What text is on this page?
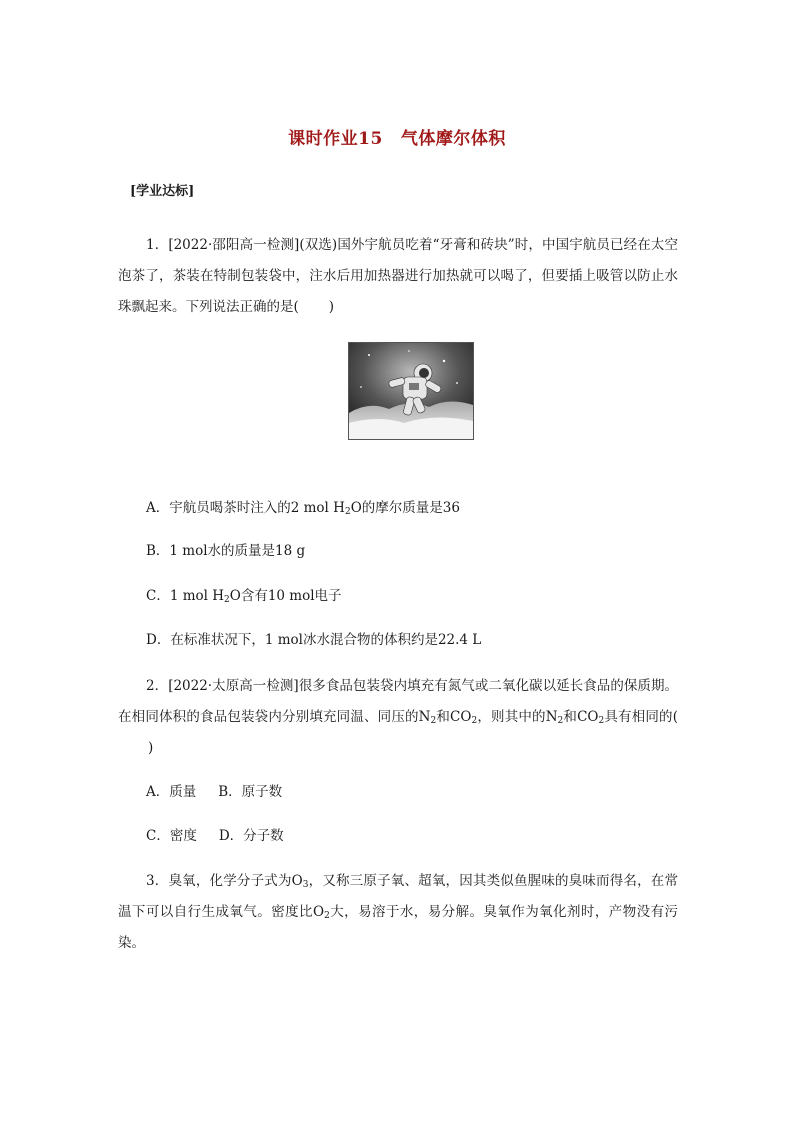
课时作业15 气体摩尔体积
[学业达标]

1．[2022·邵阳高一检测](双选)国外宇航员吃着“牙膏和砖块”时，中国宇航员已经在太空泡茶了，茶装在特制包装袋中，注水后用加热器进行加热就可以喝了，但要插上吸管以防止水珠飘起来。下列说法正确的是( )

A．宇航员喝茶时注入的2 mol $H_2O$的摩尔质量是36
B．1 mol水的质量是18 g
C．1 mol $H_2O$含有10 mol电子
D．在标准状况下，1 mol冰水混合物的体积约是22.4 L

2．[2022·太原高一检测]很多食品包装袋内填充有氮气或二氧化碳以延长食品的保质期。在相同体积的食品包装袋内分别填充同温、同压的$N_2$和$CO_2$，则其中的$N_2$和$CO_2$具有相同的()

A．质量 B．原子数
C．密度 D．分子数

3．臭氧，化学分子式为$O_3$，又称三原子氧、超氧，因其类似鱼腥味的臭味而得名，在常温下可以自行生成氧气。密度比$O_2$大，易溶于水，易分解。臭氧作为氧化剂时，产物没有污染。
